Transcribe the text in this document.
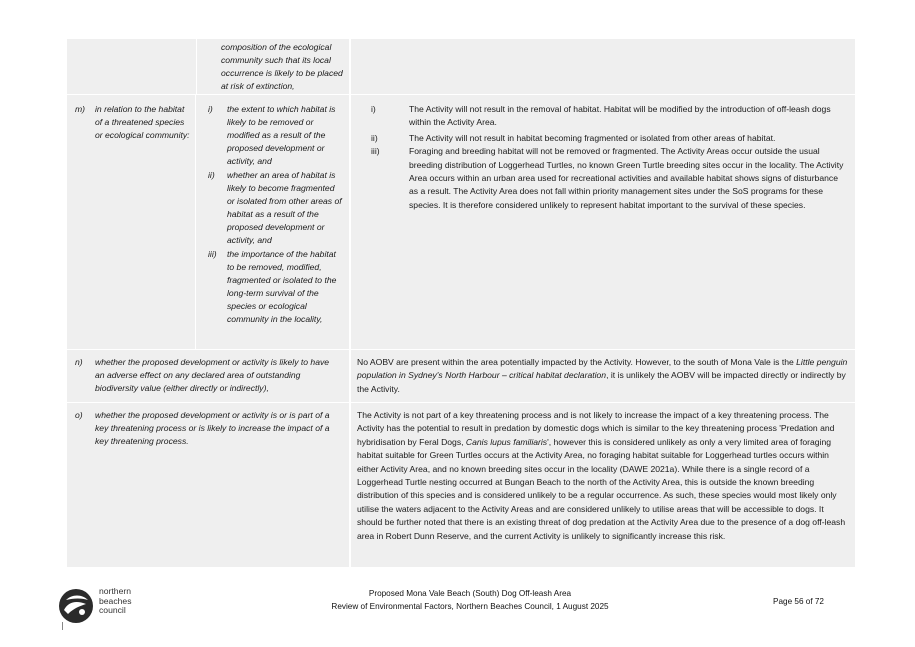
composition of the ecological community such that its local occurrence is likely to be placed at risk of extinction,
m)	in relation to the habitat of a threatened species or ecological community:
i)	the extent to which habitat is likely to be removed or modified as a result of the proposed development or activity, and
ii)	whether an area of habitat is likely to become fragmented or isolated from other areas of habitat as a result of the proposed development or activity, and
iii)	the importance of the habitat to be removed, modified, fragmented or isolated to the long-term survival of the species or ecological community in the locality,
i)	The Activity will not result in the removal of habitat. Habitat will be modified by the introduction of off-leash dogs within the Activity Area.
ii)	The Activity will not result in habitat becoming fragmented or isolated from other areas of habitat.
iii)	Foraging and breeding habitat will not be removed or fragmented. The Activity Areas occur outside the usual breeding distribution of Loggerhead Turtles, no known Green Turtle breeding sites occur in the locality. The Activity Area occurs within an urban area used for recreational activities and available habitat shows signs of disturbance as a result. The Activity Area does not fall within priority management sites under the SoS programs for these species. It is therefore considered unlikely to represent habitat important to the survival of these species.
n)	whether the proposed development or activity is likely to have an adverse effect on any declared area of outstanding biodiversity value (either directly or indirectly),
No AOBV are present within the area potentially impacted by the Activity. However, to the south of Mona Vale is the Little penguin population in Sydney's North Harbour – critical habitat declaration, it is unlikely the AOBV will be impacted directly or indirectly by the Activity.
o)	whether the proposed development or activity is or is part of a key threatening process or is likely to increase the impact of a key threatening process.
The Activity is not part of a key threatening process and is not likely to increase the impact of a key threatening process. The Activity has the potential to result in predation by domestic dogs which is similar to the key threatening process 'Predation and hybridisation by Feral Dogs, Canis lupus familiaris', however this is considered unlikely as only a very limited area of foraging habitat suitable for Green Turtles occurs at the Activity Area, no foraging habitat suitable for Loggerhead turtles occurs within either Activity Area, and no known breeding sites occur in the locality (DAWE 2021a). While there is a single record of a Loggerhead Turtle nesting occurred at Bungan Beach to the north of the Activity Area, this is outside the known breeding distribution of this species and is considered unlikely to be a regular occurrence. As such, these species would most likely only utilise the waters adjacent to the Activity Areas and are considered unlikely to utilise areas that will be accessible to dogs. It should be further noted that there is an existing threat of dog predation at the Activity Area due to the presence of a dog off-leash area in Robert Dunn Reserve, and the current Activity is unlikely to significantly increase this risk.
northern
beaches
council
Proposed Mona Vale Beach (South) Dog Off-leash Area
Review of Environmental Factors, Northern Beaches Council, 1 August 2025	Page 56 of 72
